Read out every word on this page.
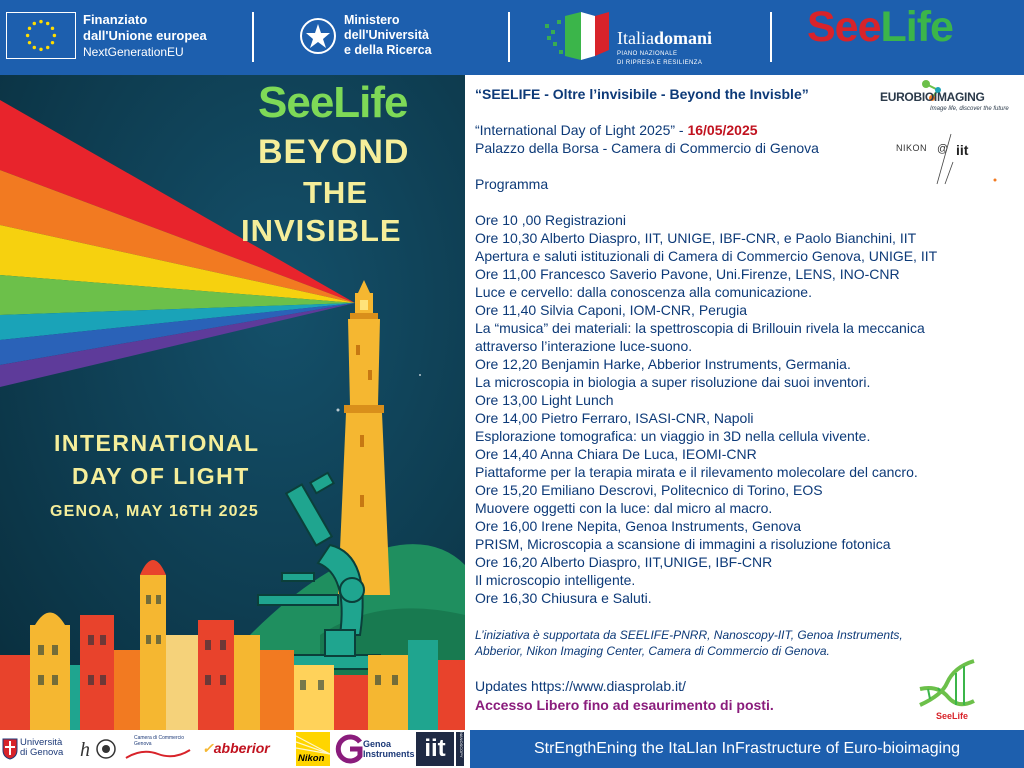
Finanziato
dall'Unione europea
NextGenerationEU
Ministero
dell'Università
e della Ricerca
Italiadomani
PIANO NAZIONALE
DI RIPRESA E RESILIENZA
SeeLife
SeeLife
BEYOND
THE
INVISIBLE
INTERNATIONAL
DAY OF LIGHT
GENOA, MAY 16TH 2025
“SEELIFE - Oltre l’invisibile - Beyond the Invisble”
“International Day of Light 2025” - 16/05/2025
Palazzo della Borsa - Camera di Commercio di Genova
Programma
Ore 10 ,00 Registrazioni
Ore 10,30 Alberto Diaspro, IIT, UNIGE, IBF-CNR, e Paolo Bianchini, IIT
Apertura e saluti istituzionali di Camera di Commercio Genova, UNIGE, IIT
Ore 11,00 Francesco Saverio Pavone, Uni.Firenze, LENS, INO-CNR
Luce e cervello: dalla conoscenza alla comunicazione.
Ore 11,40 Silvia Caponi, IOM-CNR, Perugia
La “musica” dei materiali: la spettroscopia di Brillouin rivela la meccanica
attraverso l’interazione luce-suono.
Ore 12,20 Benjamin Harke, Abberior Instruments, Germania.
La microscopia in biologia a super risoluzione dai suoi inventori.
Ore 13,00 Light Lunch
Ore 14,00 Pietro Ferraro, ISASI-CNR, Napoli
Esplorazione tomografica: un viaggio in 3D nella cellula vivente.
Ore 14,40 Anna Chiara De Luca, IEOMI-CNR
Piattaforme per la terapia mirata e il rilevamento molecolare del cancro.
Ore 15,20 Emiliano Descrovi, Politecnico di Torino, EOS
Muovere oggetti con la luce: dal micro al macro.
Ore 16,00 Irene Nepita, Genoa Instruments, Genova
PRISM, Microscopia a scansione di immagini a risoluzione fotonica
Ore 16,20 Alberto Diaspro, IIT,UNIGE, IBF-CNR
Il microscopio intelligente.
Ore 16,30 Chiusura e Saluti.
L’iniziativa è supportata da SEELIFE-PNRR, Nanoscopy-IIT, Genoa Instruments,
Abberior, Nikon Imaging Center, Camera di Commercio di Genova.
Updates https://www.diasprolab.it/
Accesso Libero fino ad esaurimento di posti.
EUROBIOIMAGING
Image life, discover the future
NIKON @ iit
SeeLife
Università
di Genova h
Camera di Commercio
Genova	✓abberior
Nikon
Genoa
Instruments iit	NANOSCOPY	StrEngthEning the ItaLIan InFrastructure of Euro-bioimaging
